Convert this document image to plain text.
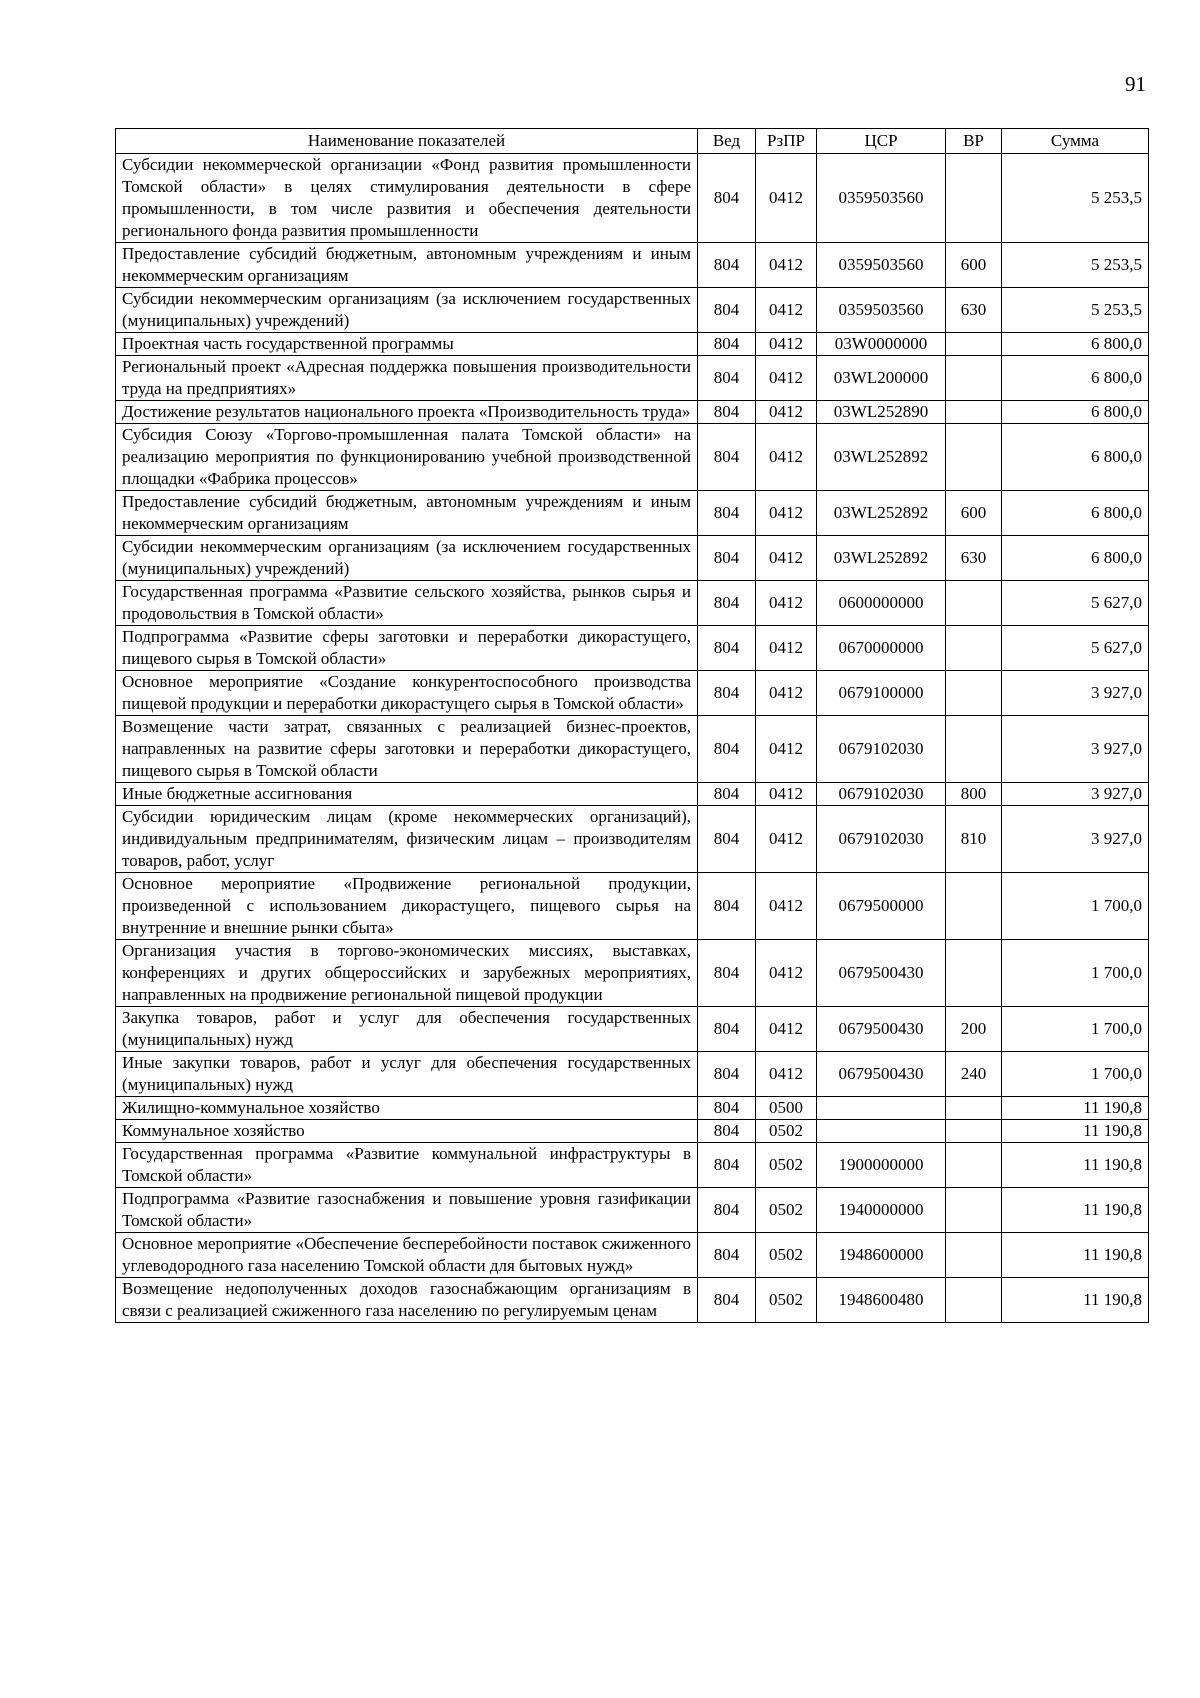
91
Наименование показателей	Вед	РзПР	ЦСР	ВР	Сумма
Субсидии некоммерческой организации «Фонд развития промышленности Томской области» в целях стимулирования деятельности в сфере промышленности, в том числе развития и обеспечения деятельности регионального фонда развития промышленности	804	0412	0359503560		5 253,5
Предоставление субсидий бюджетным, автономным учреждениям и иным некоммерческим организациям	804	0412	0359503560	600	5 253,5
Субсидии некоммерческим организациям (за исключением государственных (муниципальных) учреждений)	804	0412	0359503560	630	5 253,5
Проектная часть государственной программы	804	0412	03W0000000		6 800,0
Региональный проект «Адресная поддержка повышения производительности труда на предприятиях»	804	0412	03WL200000		6 800,0
Достижение результатов национального проекта «Производительность труда»	804	0412	03WL252890		6 800,0
Субсидия Союзу «Торгово-промышленная палата Томской области» на реализацию мероприятия по функционированию учебной производственной площадки «Фабрика процессов»	804	0412	03WL252892		6 800,0
Предоставление субсидий бюджетным, автономным учреждениям и иным некоммерческим организациям	804	0412	03WL252892	600	6 800,0
Субсидии некоммерческим организациям (за исключением государственных (муниципальных) учреждений)	804	0412	03WL252892	630	6 800,0
Государственная программа «Развитие сельского хозяйства, рынков сырья и продовольствия в Томской области»	804	0412	0600000000		5 627,0
Подпрограмма «Развитие сферы заготовки и переработки дикорастущего, пищевого сырья в Томской области»	804	0412	0670000000		5 627,0
Основное мероприятие «Создание конкурентоспособного производства пищевой продукции и переработки дикорастущего сырья в Томской области»	804	0412	0679100000		3 927,0
Возмещение части затрат, связанных с реализацией бизнес-проектов, направленных на развитие сферы заготовки и переработки дикорастущего, пищевого сырья в Томской области	804	0412	0679102030		3 927,0
Иные бюджетные ассигнования	804	0412	0679102030	800	3 927,0
Субсидии юридическим лицам (кроме некоммерческих организаций), индивидуальным предпринимателям, физическим лицам – производителям товаров, работ, услуг	804	0412	0679102030	810	3 927,0
Основное мероприятие «Продвижение региональной продукции, произведенной с использованием дикорастущего, пищевого сырья на внутренние и внешние рынки сбыта»	804	0412	0679500000		1 700,0
Организация участия в торгово-экономических миссиях, выставках, конференциях и других общероссийских и зарубежных мероприятиях, направленных на продвижение региональной пищевой продукции	804	0412	0679500430		1 700,0
Закупка товаров, работ и услуг для обеспечения государственных (муниципальных) нужд	804	0412	0679500430	200	1 700,0
Иные закупки товаров, работ и услуг для обеспечения государственных (муниципальных) нужд	804	0412	0679500430	240	1 700,0
Жилищно-коммунальное хозяйство	804	0500			11 190,8
Коммунальное хозяйство	804	0502			11 190,8
Государственная программа «Развитие коммунальной инфраструктуры в Томской области»	804	0502	1900000000		11 190,8
Подпрограмма «Развитие газоснабжения и повышение уровня газификации Томской области»	804	0502	1940000000		11 190,8
Основное мероприятие «Обеспечение бесперебойности поставок сжиженного углеводородного газа населению Томской области для бытовых нужд»	804	0502	1948600000		11 190,8
Возмещение недополученных доходов газоснабжающим организациям в связи с реализацией сжиженного газа населению по регулируемым ценам	804	0502	1948600480		11 190,8
